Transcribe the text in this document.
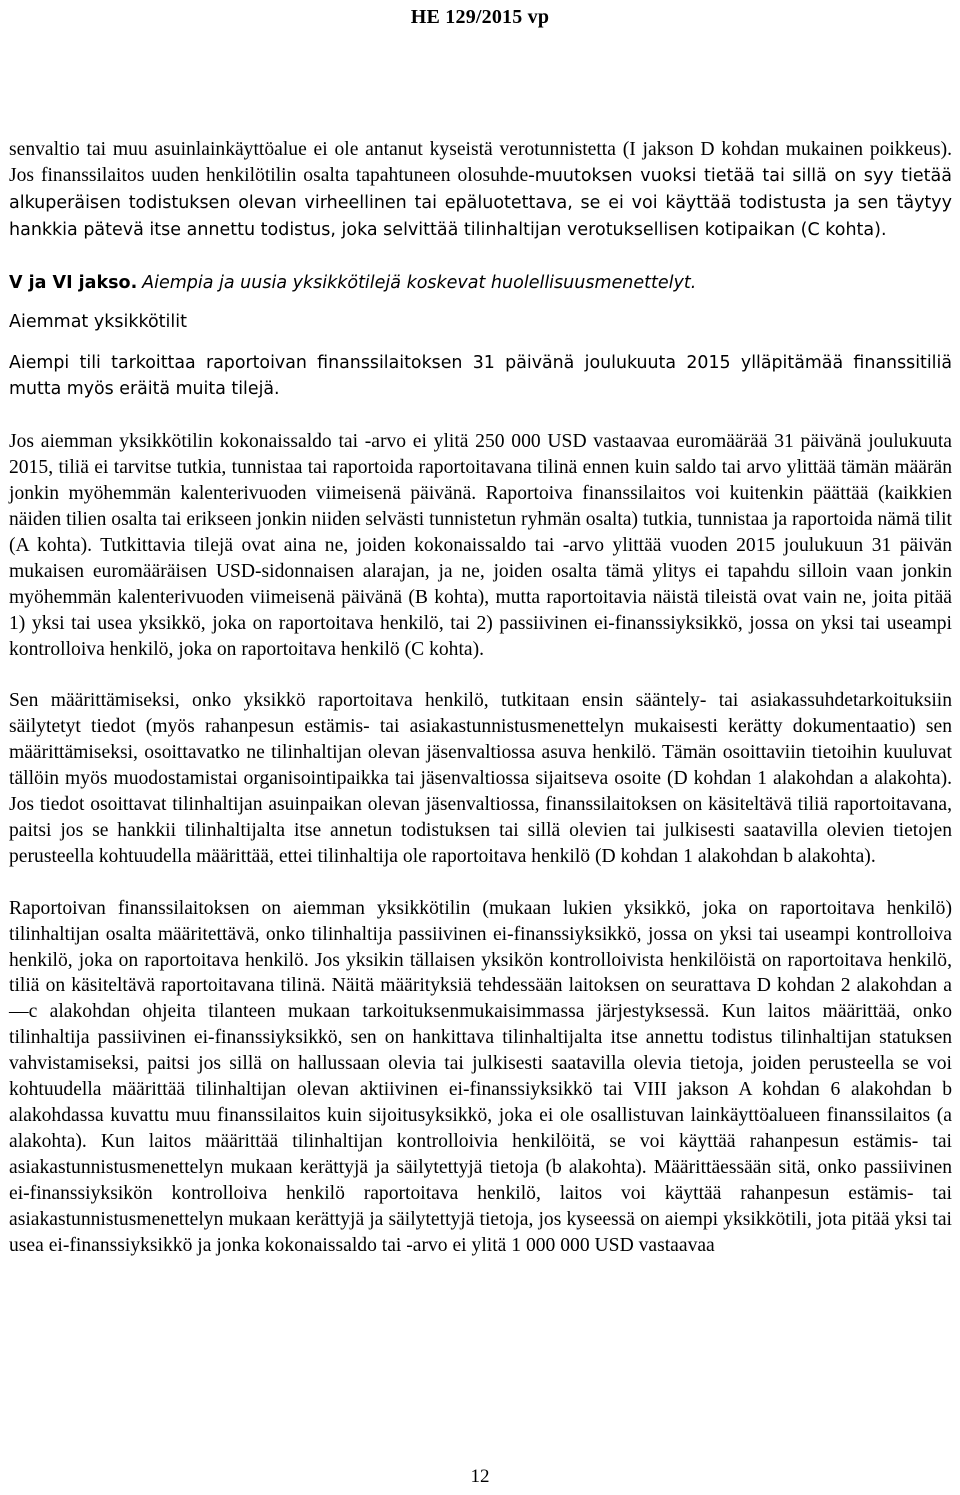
HE 129/2015 vp

senvaltio tai muu asuinlainkäyttöalue ei ole antanut kyseistä verotunnistetta (I jakson D kohdan mukainen poikkeus). Jos finanssilaitos uuden henkilötilin osalta tapahtuneen olosuhde-muutoksen vuoksi tietää tai sillä on syy tietää alkuperäisen todistuksen olevan virheellinen tai epäluotettava, se ei voi käyttää todistusta ja sen täytyy hankkia pätevä itse annettu todistus, joka selvittää tilinhaltijan verotuksellisen kotipaikan (C kohta).

V ja VI jakso. Aiempia ja uusia yksikkötilejä koskevat huolellisuusmenettelyt.

Aiemmat yksikkötilit

Aiempi tili tarkoittaa raportoivan finanssilaitoksen 31 päivänä joulukuuta 2015 ylläpitämää finanssitiliä mutta myös eräitä muita tilejä.

Jos aiemman yksikkötilin kokonaissaldo tai -arvo ei ylitä 250 000 USD vastaavaa euromäärää 31 päivänä joulukuuta 2015, tiliä ei tarvitse tutkia, tunnistaa tai raportoida raportoitavana tilinä ennen kuin saldo tai arvo ylittää tämän määrän jonkin myöhemmän kalenterivuoden viimeisenä päivänä. Raportoiva finanssilaitos voi kuitenkin päättää (kaikkien näiden tilien osalta tai erikseen jonkin niiden selvästi tunnistetun ryhmän osalta) tutkia, tunnistaa ja raportoida nämä tilit (A kohta). Tutkittavia tilejä ovat aina ne, joiden kokonaissaldo tai -arvo ylittää vuoden 2015 joulukuun 31 päivän mukaisen euromääräisen USD-sidonnaisen alarajan, ja ne, joiden osalta tämä ylitys ei tapahdu silloin vaan jonkin myöhemmän kalenterivuoden viimeisenä päivänä (B kohta), mutta raportoitavia näistä tileistä ovat vain ne, joita pitää 1) yksi tai usea yksikkö, joka on raportoitava henkilö, tai 2) passiivinen ei-finanssiyksikkö, jossa on yksi tai useampi kontrolloiva henkilö, joka on raportoitava henkilö (C kohta).

Sen määrittämiseksi, onko yksikkö raportoitava henkilö, tutkitaan ensin sääntely- tai asiakassuhdetarkoituksiin säilytetyt tiedot (myös rahanpesun estämis- tai asiakastunnistusmenettelyn mukaisesti kerätty dokumentaatio) sen määrittämiseksi, osoittavatko ne tilinhaltijan olevan jäsenvaltiossa asuva henkilö. Tämän osoittaviin tietoihin kuuluvat tällöin myös muodostamistai organisointipaikka tai jäsenvaltiossa sijaitseva osoite (D kohdan 1 alakohdan a alakohta). Jos tiedot osoittavat tilinhaltijan asuinpaikan olevan jäsenvaltiossa, finanssilaitoksen on käsiteltävä tiliä raportoitavana, paitsi jos se hankkii tilinhaltijalta itse annetun todistuksen tai sillä olevien tai julkisesti saatavilla olevien tietojen perusteella kohtuudella määrittää, ettei tilinhaltija ole raportoitava henkilö (D kohdan 1 alakohdan b alakohta).

Raportoivan finanssilaitoksen on aiemman yksikkötilin (mukaan lukien yksikkö, joka on raportoitava henkilö) tilinhaltijan osalta määritettävä, onko tilinhaltija passiivinen ei-finanssiyksikkö, jossa on yksi tai useampi kontrolloiva henkilö, joka on raportoitava henkilö. Jos yksikin tällaisen yksikön kontrolloivista henkilöistä on raportoitava henkilö, tiliä on käsiteltävä raportoitavana tilinä. Näitä määrityksiä tehdessään laitoksen on seurattava D kohdan 2 alakohdan a—c alakohdan ohjeita tilanteen mukaan tarkoituksenmukaisimmassa järjestyksessä. Kun laitos määrittää, onko tilinhaltija passiivinen ei-finanssiyksikkö, sen on hankittava tilinhaltijalta itse annettu todistus tilinhaltijan statuksen vahvistamiseksi, paitsi jos sillä on hallussaan olevia tai julkisesti saatavilla olevia tietoja, joiden perusteella se voi kohtuudella määrittää tilinhaltijan olevan aktiivinen ei-finanssiyksikkö tai VIII jakson A kohdan 6 alakohdan b alakohdassa kuvattu muu finanssilaitos kuin sijoitusyksikkö, joka ei ole osallistuvan lainkäyttöalueen finanssilaitos (a alakohta). Kun laitos määrittää tilinhaltijan kontrolloivia henkilöitä, se voi käyttää rahanpesun estämis- tai asiakastunnistusmenettelyn mukaan kerättyjä ja säilytettyjä tietoja (b alakohta). Määrittäessään sitä, onko passiivinen ei-finanssiyksikön kontrolloiva henkilö raportoitava henkilö, laitos voi käyttää rahanpesun estämis- tai asiakastunnistusmenettelyn mukaan kerättyjä ja säilytettyjä tietoja, jos kyseessä on aiempi yksikkötili, jota pitää yksi tai usea ei-finanssiyksikkö ja jonka kokonaissaldo tai -arvo ei ylitä 1 000 000 USD vastaavaa

12
